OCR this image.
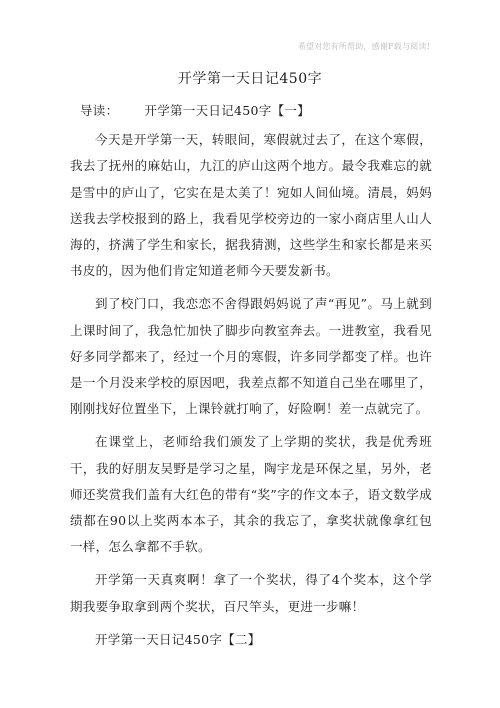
希望对您有所帮助，感谢F载与阅读!
开学第一天日记450字

导读： 开学第一天日记450字【一】

今天是开学第一天，转眼间，寒假就过去了，在这个寒假，我去了抚州的麻姑山，九江的庐山这两个地方。最令我难忘的就是雪中的庐山了，它实在是太美了！宛如人间仙境。清晨，妈妈送我去学校报到的路上，我看见学校旁边的一家小商店里人山人海的，挤满了学生和家长，据我猜测，这些学生和家长都是来买书皮的，因为他们肯定知道老师今天要发新书。

到了校门口，我恋恋不舍得跟妈妈说了声“再见”。马上就到上课时间了，我急忙加快了脚步向教室奔去。一进教室，我看见好多同学都来了，经过一个月的寒假，许多同学都变了样。也许是一个月没来学校的原因吧，我差点都不知道自己坐在哪里了，刚刚找好位置坐下，上课铃就打响了，好险啊！差一点就完了。

在课堂上，老师给我们颁发了上学期的奖状，我是优秀班干，我的好朋友吴野是学习之星，陶宇龙是环保之星，另外，老师还奖赏我们盖有大红色的带有“奖”字的作文本子，语文数学成绩都在90以上奖两本本子，其余的我忘了，拿奖状就像拿红包一样，怎么拿都不手软。

开学第一天真爽啊！拿了一个奖状，得了4个奖本，这个学期我要争取拿到两个奖状，百尺竿头，更进一步嘛！

开学第一天日记450字【二】
